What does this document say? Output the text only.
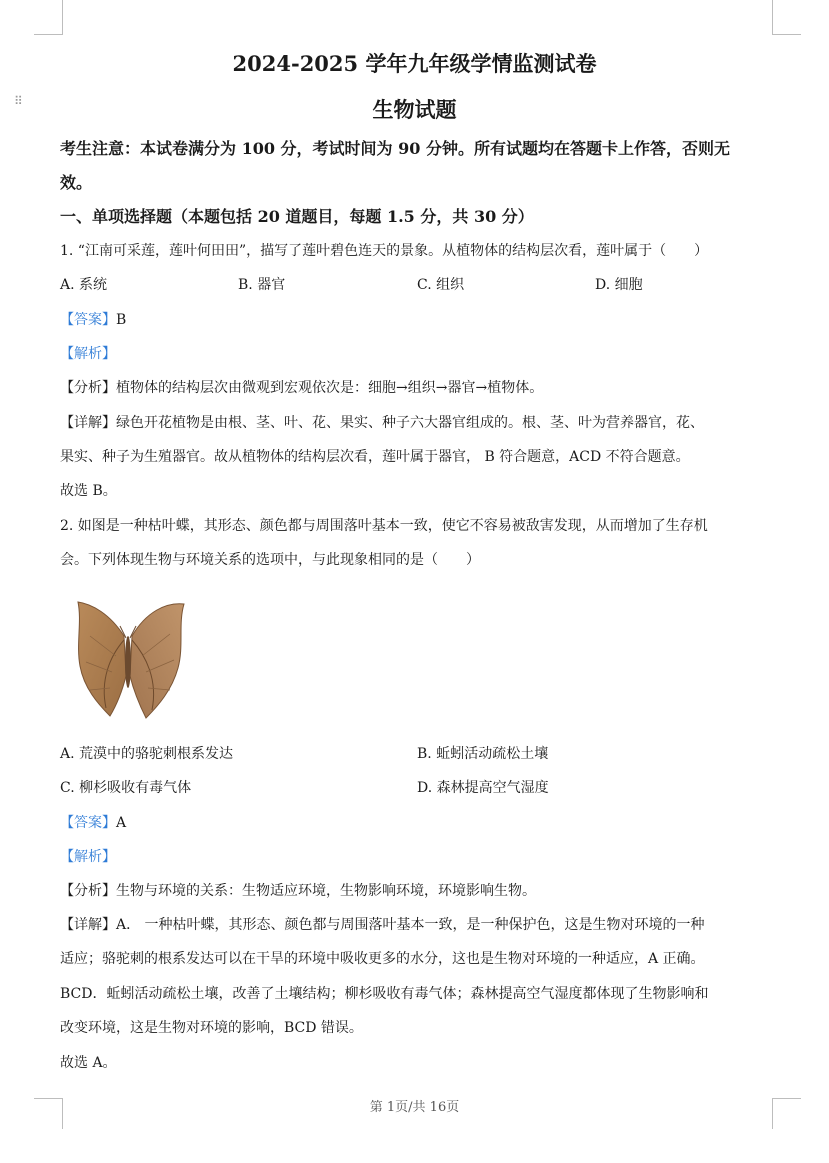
⠿
2024-2025 学年九年级学情监测试卷
生物试题
考生注意：本试卷满分为 100 分，考试时间为 90 分钟。所有试题均在答题卡上作答，否则无
效。
一、单项选择题（本题包括 20 道题目，每题 1.5 分，共 30 分）
1. “江南可采莲，莲叶何田田”，描写了莲叶碧色连天的景象。从植物体的结构层次看，莲叶属于（　　）
A. 系统	B. 器官	C. 组织	D. 细胞
【答案】B
【解析】
【分析】植物体的结构层次由微观到宏观依次是：细胞→组织→器官→植物体。
【详解】绿色开花植物是由根、茎、叶、花、果实、种子六大器官组成的。根、茎、叶为营养器官，花、
果实、种子为生殖器官。故从植物体的结构层次看，莲叶属于器官， B 符合题意，ACD 不符合题意。
故选 B。
2. 如图是一种枯叶蝶，其形态、颜色都与周围落叶基本一致，使它不容易被敌害发现，从而增加了生存机
会。下列体现生物与环境关系的选项中，与此现象相同的是（　　）
A. 荒漠中的骆驼刺根系发达	B. 蚯蚓活动疏松土壤
C. 柳杉吸收有毒气体	D. 森林提高空气湿度
【答案】A
【解析】
【分析】生物与环境的关系：生物适应环境，生物影响环境，环境影响生物。
【详解】A． 一种枯叶蝶，其形态、颜色都与周围落叶基本一致，是一种保护色，这是生物对环境的一种
适应；骆驼刺的根系发达可以在干旱的环境中吸收更多的水分，这也是生物对环境的一种适应，A 正确。
BCD．蚯蚓活动疏松土壤，改善了土壤结构；柳杉吸收有毒气体；森林提高空气湿度都体现了生物影响和
改变环境，这是生物对环境的影响，BCD 错误。
故选 A。
第 1页/共 16页
